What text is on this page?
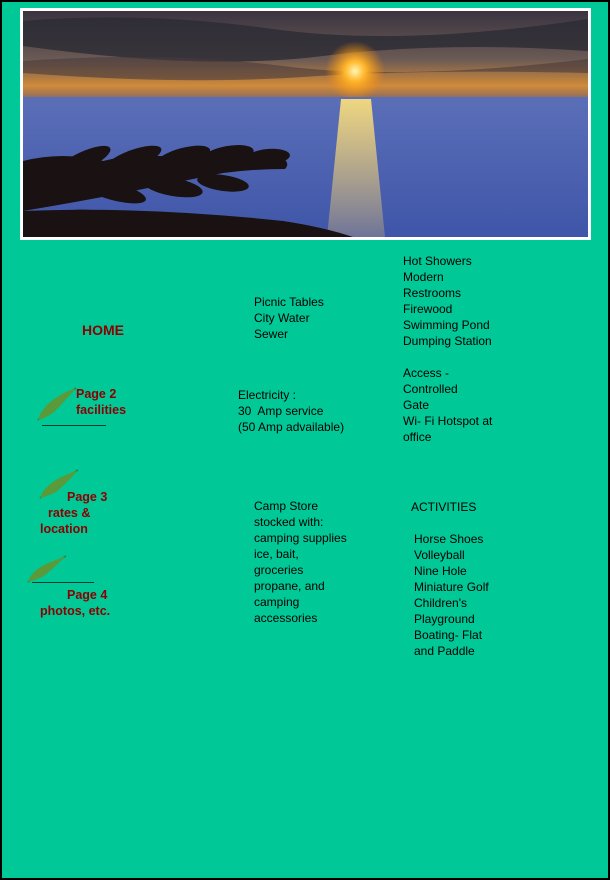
HOME
Page 2
facilities
Page 3
rates &
location
Page 4
photos, etc.
Picnic Tables
City Water
Sewer
Hot Showers
Modern
Restrooms
Firewood
Swimming Pond
Dumping Station
Electricity :
30  Amp service
(50 Amp advailable)
Access -
Controlled
Gate
Wi- Fi Hotspot at
office
Camp Store
stocked with:
camping supplies
ice, bait,
groceries
propane, and
camping
accessories
ACTIVITIES
Horse Shoes
Volleyball
Nine Hole
Miniature Golf
Children's
Playground
Boating- Flat
and Paddle
